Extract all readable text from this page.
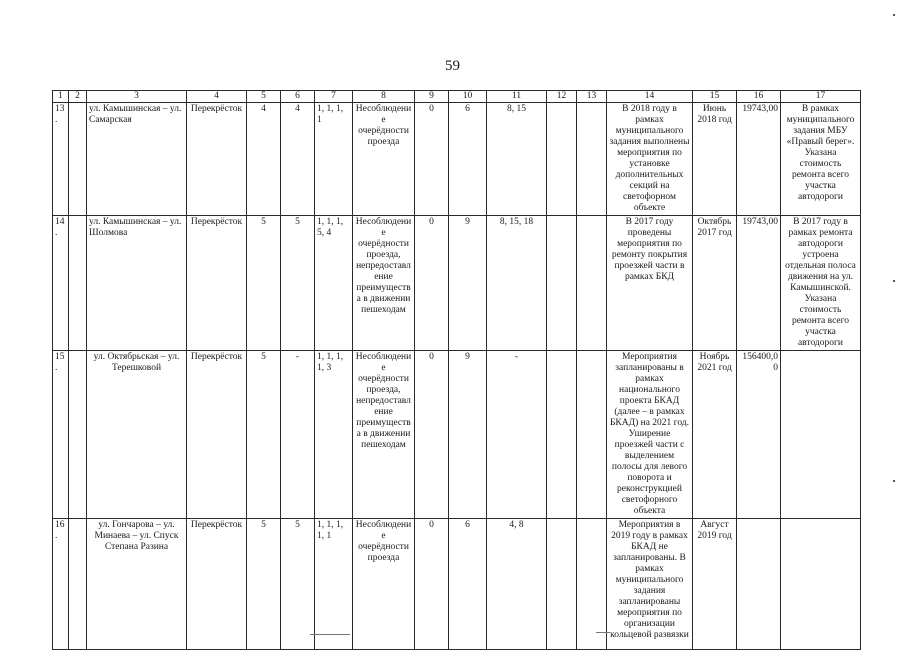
59
1	2	3	4	5	6	7	8	9	10	11	12	13	14	15	16	17
13.		ул. Камышинская – ул. Самарская	Перекрёсток	4	4	1, 1, 1, 1	Несоблюдение очерёдности проезда	0	6	8, 15			В 2018 году в рамках муниципального задания выполнены мероприятия по установке дополнительных секций на светофорном объекте	Июнь 2018 год	19743,00	В рамках муниципального задания МБУ «Правый берег». Указана стоимость ремонта всего участка автодороги
14.		ул. Камышинская – ул. Шолмова	Перекрёсток	5	5	1, 1, 1, 5, 4	Несоблюдение очерёдности проезда, непредоставление преимущества в движении пешеходам	0	9	8, 15, 18			В 2017 году проведены мероприятия по ремонту покрытия проезжей части в рамках БКД	Октябрь 2017 год	19743,00	В 2017 году в рамках ремонта автодороги устроена отдельная полоса движения на ул. Камышинской. Указана стоимость ремонта всего участка автодороги
15.		ул. Октябрьская – ул. Терешковой	Перекрёсток	5	-	1, 1, 1, 1, 3	Несоблюдение очерёдности проезда, непредоставление преимущества в движении пешеходам	0	9	-			Мероприятия запланированы в рамках национального проекта БКАД (далее – в рамках БКАД) на 2021 год. Уширение проезжей части с выделением полосы для левого поворота и реконструкцией светофорного объекта	Ноябрь 2021 год	156400,00	
16.		ул. Гончарова – ул. Минаева – ул. Спуск Степана Разина	Перекрёсток	5	5	1, 1, 1, 1, 1	Несоблюдение очерёдности проезда	0	6	4, 8			Мероприятия в 2019 году в рамках БКАД не запланированы. В рамках муниципального задания запланированы мероприятия по организации кольцевой развязки	Август 2019 год		
